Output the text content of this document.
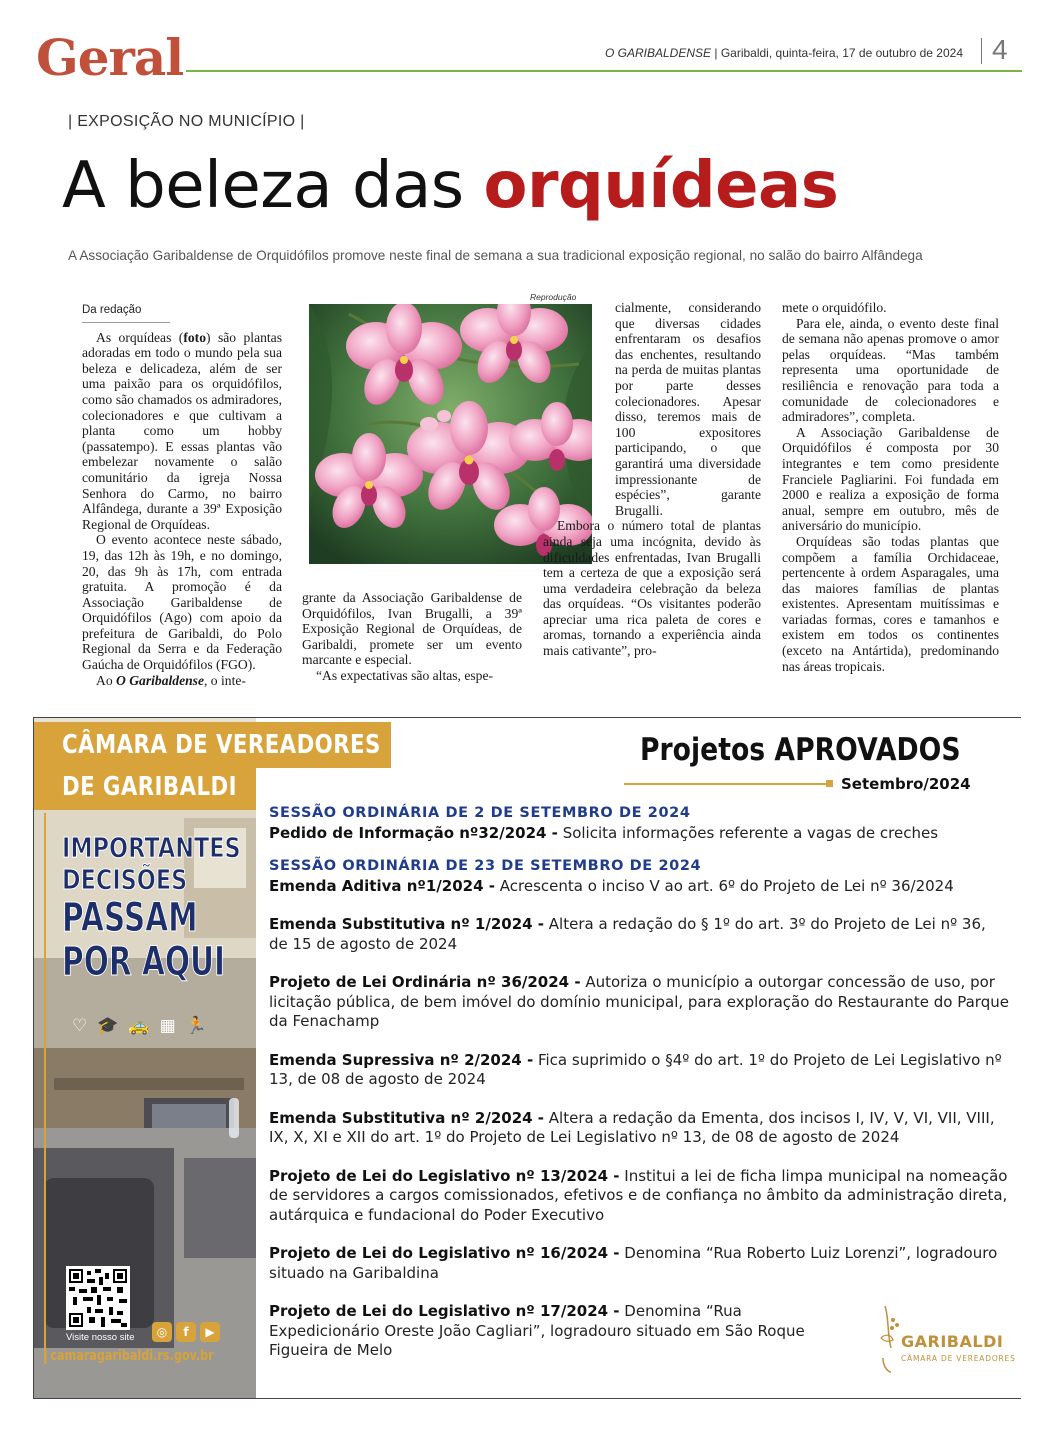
Geral	O GARIBALDENSE | Garibaldi, quinta-feira, 17 de outubro de 2024 4
| EXPOSIÇÃO NO MUNICÍPIO |
A beleza das orquídeas
A Associação Garibaldense de Orquidófilos promove neste final de semana a sua tradicional exposição regional, no salão do bairro Alfândega

Da redação

As orquídeas (foto) são plantas adoradas em todo o mundo pela sua beleza e delicadeza, além de ser uma paixão para os orquidófilos, como são chamados os admiradores, colecionadores e que cultivam a planta como um hobby (passatempo). E essas plantas vão embelezar novamente o salão comunitário da igreja Nossa Senhora do Carmo, no bairro Alfândega, durante a 39ª Exposição Regional de Orquídeas.

O evento acontece neste sábado, 19, das 12h às 19h, e no domingo, 20, das 9h às 17h, com entrada gratuita. A promoção é da Associação Garibaldense de Orquidófilos (Ago) com apoio da prefeitura de Garibaldi, do Polo Regional da Serra e da Federação Gaúcha de Orquidófilos (FGO).

Ao O Garibaldense, o inte-

Reprodução

grante da Associação Garibaldense de Orquidófilos, Ivan Brugalli, a 39ª Exposição Regional de Orquídeas, de Garibaldi, promete ser um evento marcante e especial.

“As expectativas são altas, espe-

cialmente, considerando que diversas cidades enfrentaram os desafios das enchentes, resultando na perda de muitas plantas por parte desses colecionadores. Apesar disso, teremos mais de 100 expositores participando, o que garantirá uma diversidade impressionante de espécies”, garante Brugalli.

Embora o número total de plantas ainda seja uma incógnita, devido às dificuldades enfrentadas, Ivan Brugalli tem a certeza de que a exposição será uma verdadeira celebração da beleza das orquídeas. “Os visitantes poderão apreciar uma rica paleta de cores e aromas, tornando a experiência ainda mais cativante”, pro-

mete o orquidófilo.

Para ele, ainda, o evento deste final de semana não apenas promove o amor pelas orquídeas. “Mas também representa uma oportunidade de resiliência e renovação para toda a comunidade de colecionadores e admiradores”, completa.

A Associação Garibaldense de Orquidófilos é composta por 30 integrantes e tem como presidente Franciele Pagliarini. Foi fundada em 2000 e realiza a exposição de forma anual, sempre em outubro, mês de aniversário do município.

Orquídeas são todas plantas que compõem a família Orchidaceae, pertencente à ordem Asparagales, uma das maiores famílias de plantas existentes. Apresentam muitíssimas e variadas formas, cores e tamanhos e existem em todos os continentes (exceto na Antártida), predominando nas áreas tropicais.

CÂMARA DE VEREADORES
DE GARIBALDI
IMPORTANTES
DECISÕES
PASSAM
POR AQUI
♡ 🎓 🚕 ▦ 🏃
Visite nosso site	◎	f	▶
camaragaribaldi.rs.gov.br
Projetos APROVADOS
Setembro/2024
SESSÃO ORDINÁRIA DE 2 DE SETEMBRO DE 2024
Pedido de Informação nº32/2024 - Solicita informações referente a vagas de creches
SESSÃO ORDINÁRIA DE 23 DE SETEMBRO DE 2024
Emenda Aditiva nº1/2024 - Acrescenta o inciso V ao art. 6º do Projeto de Lei nº 36/2024
Emenda Substitutiva nº 1/2024 - Altera a redação do § 1º do art. 3º do Projeto de Lei nº 36, de 15 de agosto de 2024
Projeto de Lei Ordinária nº 36/2024 - Autoriza o município a outorgar concessão de uso, por licitação pública, de bem imóvel do domínio municipal, para exploração do Restaurante do Parque da Fenachamp
Emenda Supressiva nº 2/2024 - Fica suprimido o §4º do art. 1º do Projeto de Lei Legislativo nº 13, de 08 de agosto de 2024
Emenda Substitutiva nº 2/2024 - Altera a redação da Ementa, dos incisos I, IV, V, VI, VII, VIII, IX, X, XI e XII do art. 1º do Projeto de Lei Legislativo nº 13, de 08 de agosto de 2024
Projeto de Lei do Legislativo nº 13/2024 - Institui a lei de ficha limpa municipal na nomeação de servidores a cargos comissionados, efetivos e de confiança no âmbito da administração direta, autárquica e fundacional do Poder Executivo
Projeto de Lei do Legislativo nº 16/2024 - Denomina “Rua Roberto Luiz Lorenzi”, logradouro situado na Garibaldina
Projeto de Lei do Legislativo nº 17/2024 - Denomina “Rua Expedicionário Oreste João Cagliari”, logradouro situado em São Roque Figueira de Melo	GARIBALDI
CÂMARA DE VEREADORES
